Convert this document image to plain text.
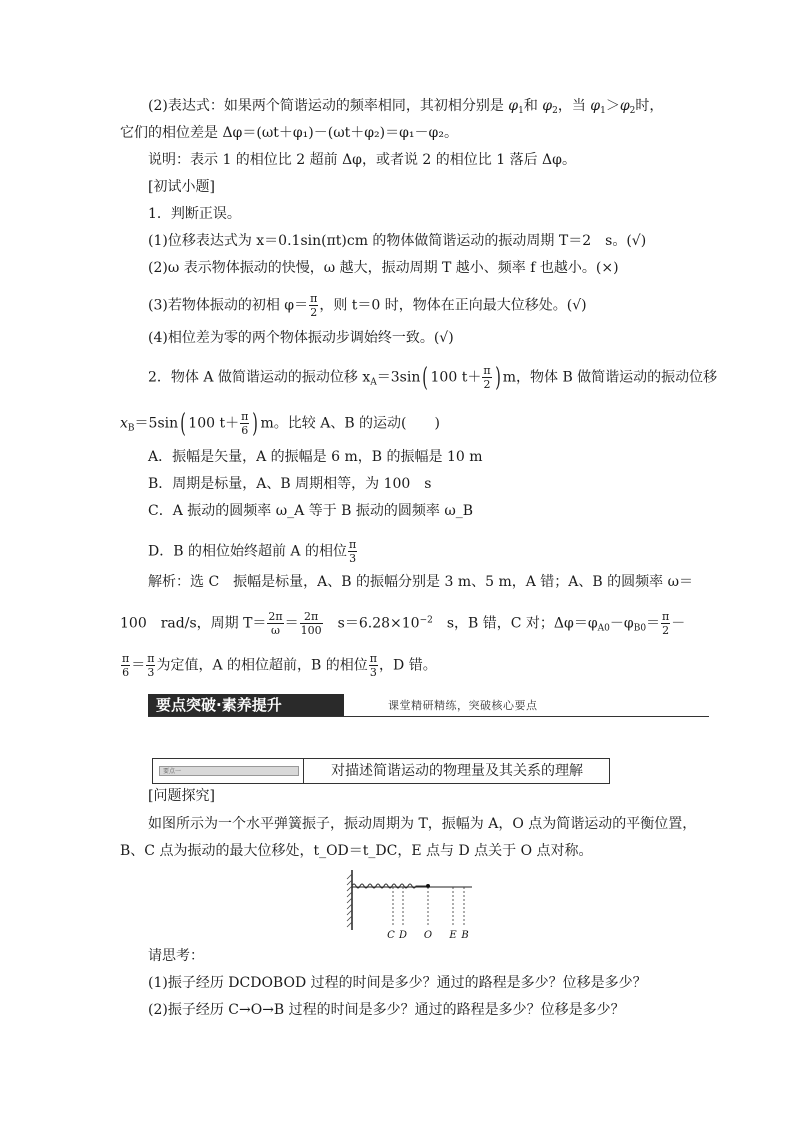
(2)表达式：如果两个简谐运动的频率相同，其初相分别是 $\varphi_1$和 $\varphi_2$，当 $\varphi_1>\varphi_2$时，
它们的相位差是 Δφ＝(ωt＋φ₁)－(ωt＋φ₂)＝φ₁－φ₂。
说明：表示 1 的相位比 2 超前 Δφ，或者说 2 的相位比 1 落后 Δφ。
[初试小题]
1．判断正误。
(1)位移表达式为 x＝0.1sin(πt)cm 的物体做简谐运动的振动周期 T＝2　s。(√)
(2)ω 表示物体振动的快慢，ω 越大，振动周期 T 越小、频率 f 也越小。(×)
(3)若物体振动的初相 $\varphi= \frac{\pi}{2}$ ，则 t＝0 时，物体在正向最大位移处。(√)
(4)相位差为零的两个物体振动步调始终一致。(√)
2．物体 A 做简谐运动的振动位移 $x_A=3\sin$( 100 $t+ \frac{\pi}{2}$ ) m，物体 B 做简谐运动的振动位移
$x_B=5\sin$( 100 $t+ \frac{\pi}{6}$ ) m。比较 A、B 的运动(　　)
A．振幅是矢量，A 的振幅是 6 m，B 的振幅是 10 m
B．周期是标量，A、B 周期相等，为 100　s
C．A 振动的圆频率 ω_A 等于 B 振动的圆频率 ω_B
D．B 的相位始终超前 A 的相位 $\frac{\pi}{3}$
解析：选 C　振幅是标量，A、B 的振幅分别是 3 m、5 m，A 错；A、B 的圆频率 ω＝
100　rad/s，周期 $T= \frac{2\pi}{\omega} = \frac{2\pi}{100}$ 　$s=6.28\times 10^{-2}$　s，B 错，C 对；$\Delta\varphi=\varphi_{A0}-\varphi_{B0}= \frac{\pi}{2}$ －
$\frac{\pi}{6} = \frac{\pi}{3}$ 为定值，A 的相位超前，B 的相位 $\frac{\pi}{3}$ ，D 错。
要点突破·素养提升	课堂精研精练，突破核心要点
要点一	对描述简谐运动的物理量及其关系的理解
[问题探究]
如图所示为一个水平弹簧振子，振动周期为 T，振幅为 A，O 点为简谐运动的平衡位置，
B、C 点为振动的最大位移处，t_OD＝t_DC，E 点与 D 点关于 O 点对称。
C D O E B
请思考：
(1)振子经历 DCDOBOD 过程的时间是多少？通过的路程是多少？位移是多少？
(2)振子经历 C→O→B 过程的时间是多少？通过的路程是多少？位移是多少？
